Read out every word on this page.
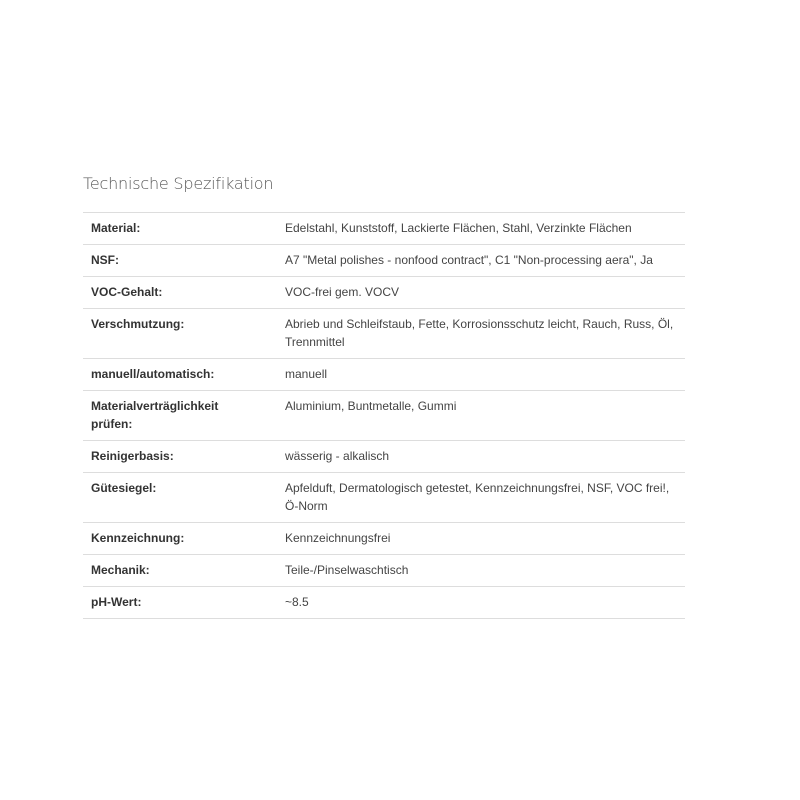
Technische Spezifikation
Material:	Edelstahl, Kunststoff, Lackierte Flächen, Stahl, Verzinkte Flächen
NSF:	A7 "Metal polishes - nonfood contract", C1 "Non-processing aera", Ja
VOC-Gehalt:	VOC-frei gem. VOCV
Verschmutzung:	Abrieb und Schleifstaub, Fette, Korrosionsschutz leicht, Rauch, Russ, Öl, Trennmittel
manuell/automatisch:	manuell
Materialverträglichkeit prüfen:	Aluminium, Buntmetalle, Gummi
Reinigerbasis:	wässerig - alkalisch
Gütesiegel:	Apfelduft, Dermatologisch getestet, Kennzeichnungsfrei, NSF, VOC frei!, Ö-Norm
Kennzeichnung:	Kennzeichnungsfrei
Mechanik:	Teile-/Pinselwaschtisch
pH-Wert:	~8.5
